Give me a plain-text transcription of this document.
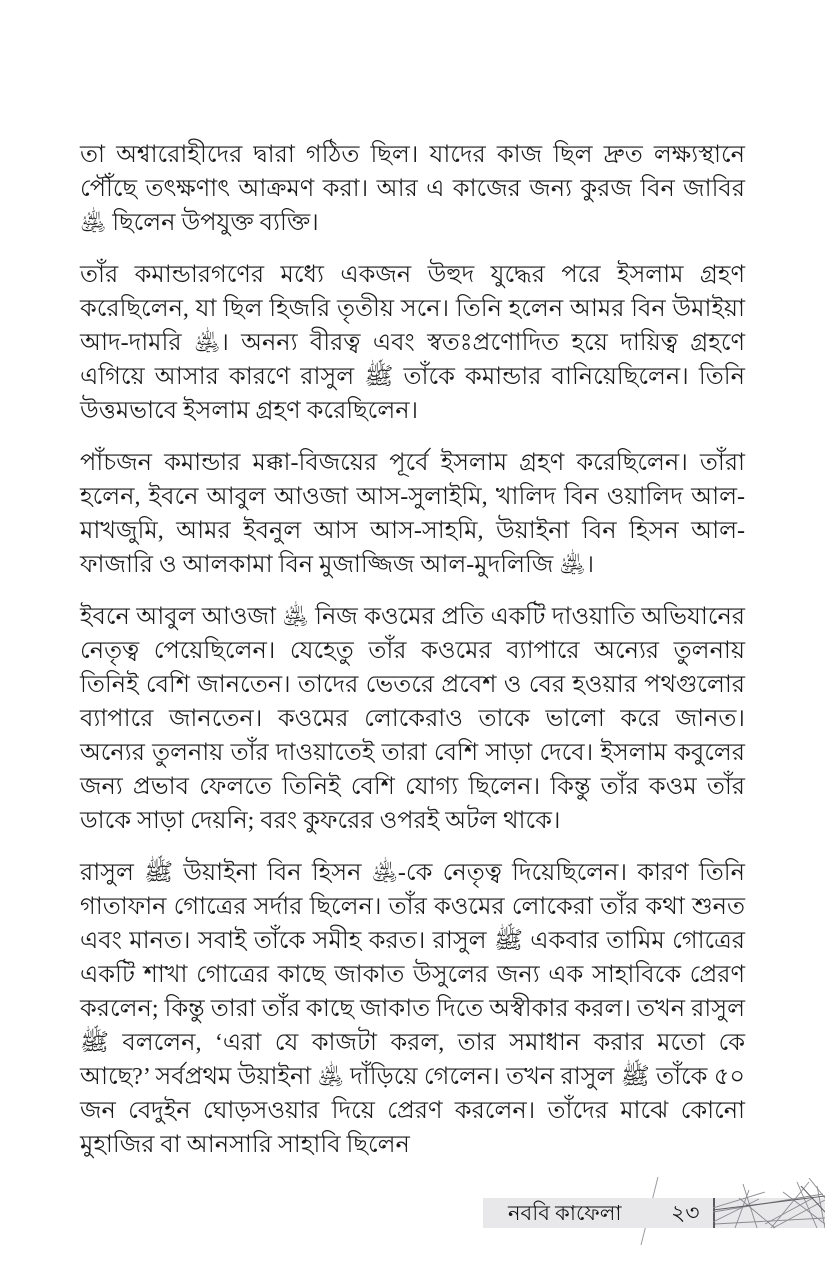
তা অশ্বারোহীদের দ্বারা গঠিত ছিল। যাদের কাজ ছিল দ্রুত লক্ষ্যস্থানে পৌঁছে তৎক্ষণাৎ আক্রমণ করা। আর এ কাজের জন্য কুরজ বিন জাবির ﵁ ছিলেন উপযুক্ত ব্যক্তি।

তাঁর কমান্ডারগণের মধ্যে একজন উহুদ যুদ্ধের পরে ইসলাম গ্রহণ করেছিলেন, যা ছিল হিজরি তৃতীয় সনে। তিনি হলেন আমর বিন উমাইয়া আদ-দামরি ﵁। অনন্য বীরত্ব এবং স্বতঃপ্রণোদিত হয়ে দায়িত্ব গ্রহণে এগিয়ে আসার কারণে রাসুল ﷺ তাঁকে কমান্ডার বানিয়েছিলেন। তিনি উত্তমভাবে ইসলাম গ্রহণ করেছিলেন।

পাঁচজন কমান্ডার মক্কা-বিজয়ের পূর্বে ইসলাম গ্রহণ করেছিলেন। তাঁরা হলেন, ইবনে আবুল আওজা আস-সুলাইমি, খালিদ বিন ওয়ালিদ আল-মাখজুমি, আমর ইবনুল আস আস-সাহমি, উয়াইনা বিন হিসন আল-ফাজারি ও আলকামা বিন মুজাজ্জিজ আল-মুদলিজি ﵁।

ইবনে আবুল আওজা ﵁ নিজ কওমের প্রতি একটি দাওয়াতি অভিযানের নেতৃত্ব পেয়েছিলেন। যেহেতু তাঁর কওমের ব্যাপারে অন্যের তুলনায় তিনিই বেশি জানতেন। তাদের ভেতরে প্রবেশ ও বের হওয়ার পথগুলোর ব্যাপারে জানতেন। কওমের লোকেরাও তাকে ভালো করে জানত। অন্যের তুলনায় তাঁর দাওয়াতেই তারা বেশি সাড়া দেবে। ইসলাম কবুলের জন্য প্রভাব ফেলতে তিনিই বেশি যোগ্য ছিলেন। কিন্তু তাঁর কওম তাঁর ডাকে সাড়া দেয়নি; বরং কুফরের ওপরই অটল থাকে।

রাসুল ﷺ উয়াইনা বিন হিসন ﵁-কে নেতৃত্ব দিয়েছিলেন। কারণ তিনি গাতাফান গোত্রের সর্দার ছিলেন। তাঁর কওমের লোকেরা তাঁর কথা শুনত এবং মানত। সবাই তাঁকে সমীহ করত। রাসুল ﷺ একবার তামিম গোত্রের একটি শাখা গোত্রের কাছে জাকাত উসুলের জন্য এক সাহাবিকে প্রেরণ করলেন; কিন্তু তারা তাঁর কাছে জাকাত দিতে অস্বীকার করল। তখন রাসুল ﷺ বললেন, ‘এরা যে কাজটা করল, তার সমাধান করার মতো কে আছে?’ সর্বপ্রথম উয়াইনা ﵁ দাঁড়িয়ে গেলেন। তখন রাসুল ﷺ তাঁকে ৫০ জন বেদুইন ঘোড়সওয়ার দিয়ে প্রেরণ করলেন। তাঁদের মাঝে কোনো মুহাজির বা আনসারি সাহাবি ছিলেন

নববি কাফেলা ২৩
